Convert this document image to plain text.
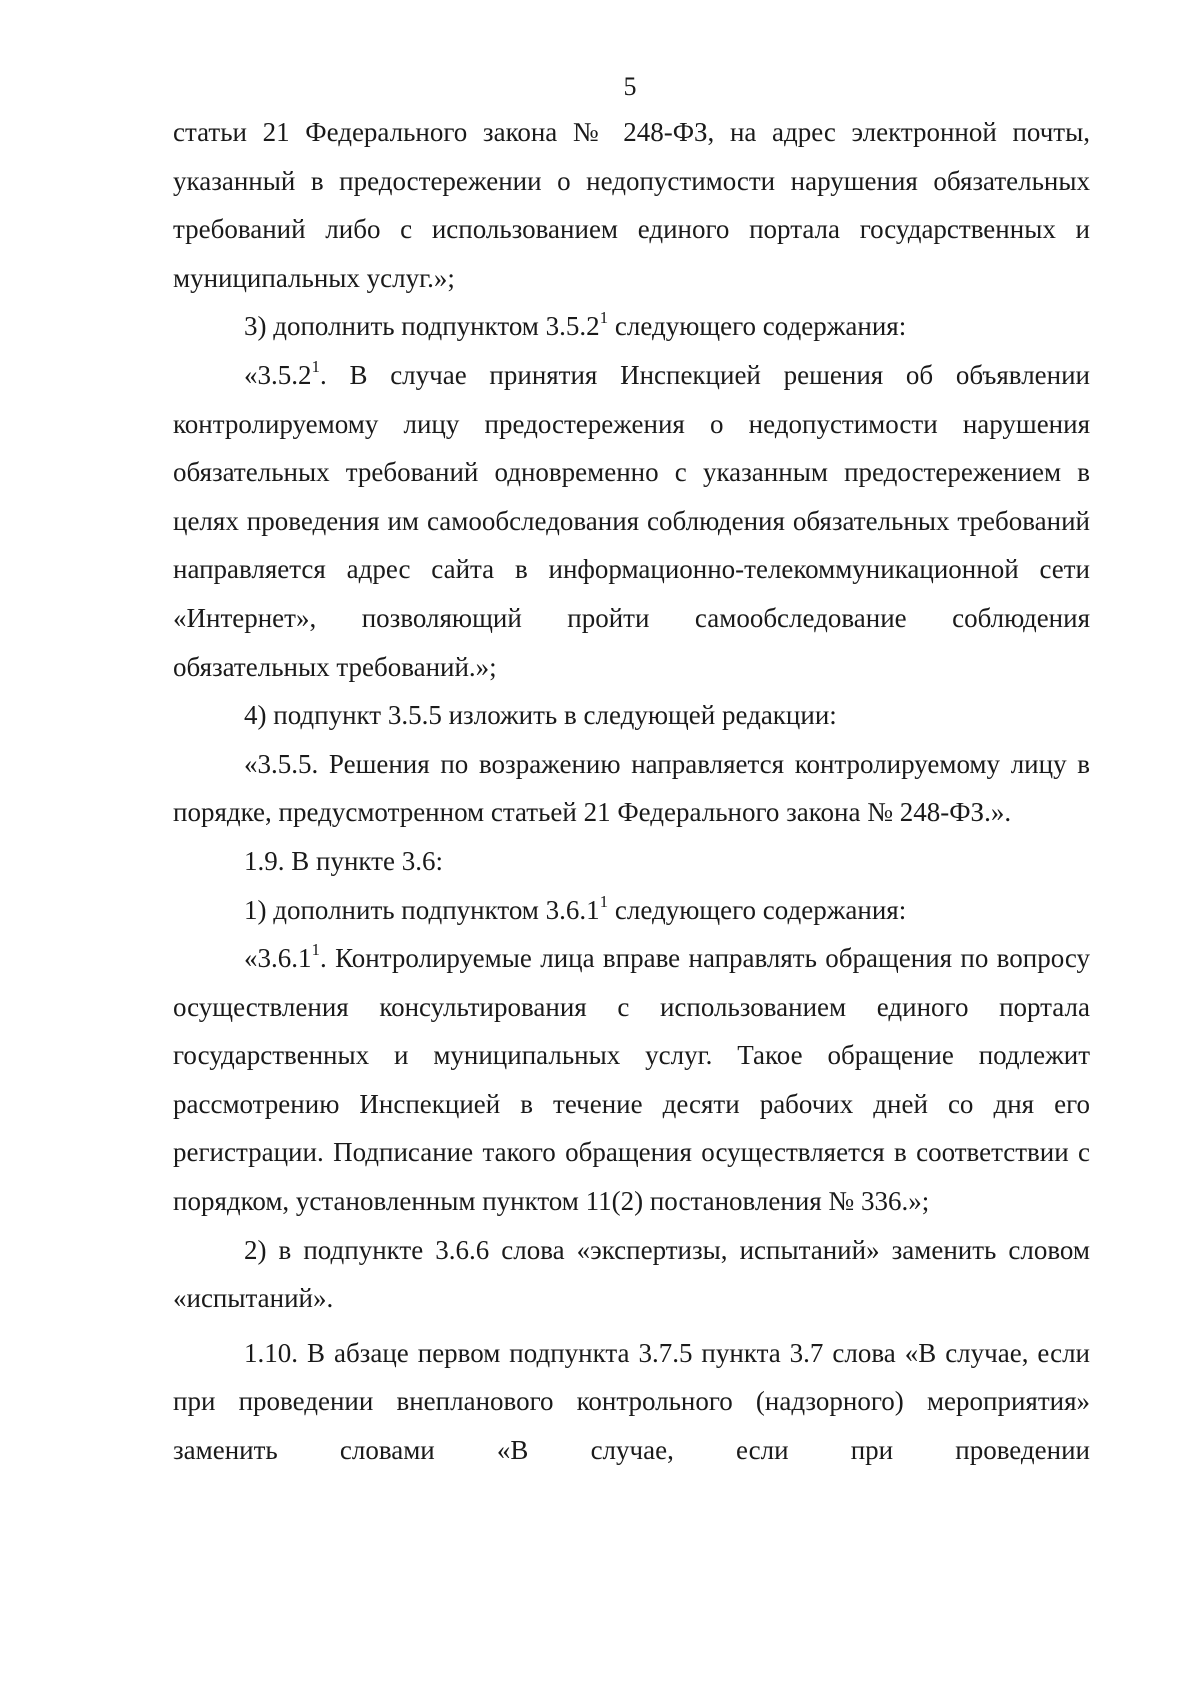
5

статьи 21 Федерального закона № 248-ФЗ, на адрес электронной почты, указанный в предостережении о недопустимости нарушения обязательных требований либо с использованием единого портала государственных и муниципальных услуг.»;

3) дополнить подпунктом 3.5.2$^1$ следующего содержания:

«3.5.2$^1$. В случае принятия Инспекцией решения об объявлении контролируемому лицу предостережения о недопустимости нарушения обязательных требований одновременно с указанным предостережением в целях проведения им самообследования соблюдения обязательных требований направляется адрес сайта в информационно-телекоммуникационной сети «Интернет», позволяющий пройти самообследование соблюдения обязательных требований.»;

4) подпункт 3.5.5 изложить в следующей редакции:

«3.5.5. Решения по возражению направляется контролируемому лицу в порядке, предусмотренном статьей 21 Федерального закона № 248-ФЗ.».

1.9. В пункте 3.6:

1) дополнить подпунктом 3.6.1$^1$ следующего содержания:

«3.6.1$^1$. Контролируемые лица вправе направлять обращения по вопросу осуществления консультирования с использованием единого портала государственных и муниципальных услуг. Такое обращение подлежит рассмотрению Инспекцией в течение десяти рабочих дней со дня его регистрации. Подписание такого обращения осуществляется в соответствии с порядком, установленным пунктом 11(2) постановления № 336.»;

2) в подпункте 3.6.6 слова «экспертизы, испытаний» заменить словом «испытаний».

1.10. В абзаце первом подпункта 3.7.5 пункта 3.7 слова «В случае, если при проведении внепланового контрольного (надзорного) мероприятия» заменить словами «В случае, если при проведении
